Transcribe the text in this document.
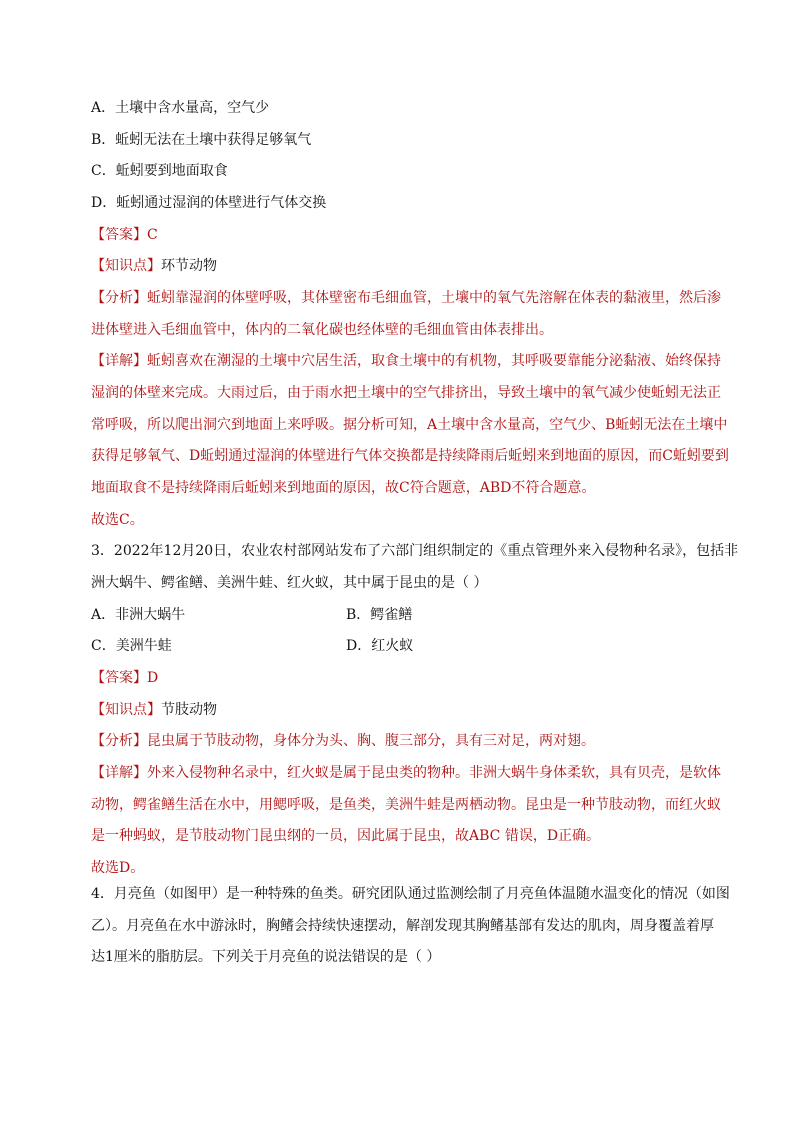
A．土壤中含水量高，空气少
B．蚯蚓无法在土壤中获得足够氧气
C．蚯蚓要到地面取食
D．蚯蚓通过湿润的体壁进行气体交换
【答案】C
【知识点】环节动物
【分析】蚯蚓靠湿润的体壁呼吸，其体壁密布毛细血管，土壤中的氧气先溶解在体表的黏液里，然后渗
进体壁进入毛细血管中，体内的二氧化碳也经体壁的毛细血管由体表排出。
【详解】蚯蚓喜欢在潮湿的土壤中穴居生活，取食土壤中的有机物，其呼吸要靠能分泌黏液、始终保持
湿润的体壁来完成。大雨过后，由于雨水把土壤中的空气排挤出，导致土壤中的氧气减少使蚯蚓无法正
常呼吸，所以爬出洞穴到地面上来呼吸。据分析可知，A土壤中含水量高，空气少、B蚯蚓无法在土壤中
获得足够氧气、D蚯蚓通过湿润的体壁进行气体交换都是持续降雨后蚯蚓来到地面的原因，而C蚯蚓要到
地面取食不是持续降雨后蚯蚓来到地面的原因，故C符合题意，ABD不符合题意。
故选C。
3．2022年12月20日，农业农村部网站发布了六部门组织制定的《重点管理外来入侵物种名录》，包括非
洲大蜗牛、鳄雀鳝、美洲牛蛙、红火蚁，其中属于昆虫的是（ ）
A．非洲大蜗牛	B．鳄雀鳝
C．美洲牛蛙	D．红火蚁
【答案】D
【知识点】节肢动物
【分析】昆虫属于节肢动物，身体分为头、胸、腹三部分，具有三对足，两对翅。
【详解】外来入侵物种名录中，红火蚁是属于昆虫类的物种。非洲大蜗牛身体柔软，具有贝壳，是软体
动物，鳄雀鳝生活在水中，用鳃呼吸，是鱼类，美洲牛蛙是两栖动物。昆虫是一种节肢动物，而红火蚁
是一种蚂蚁，是节肢动物门昆虫纲的一员，因此属于昆虫，故ABC 错误，D正确。
故选D。
4．月亮鱼（如图甲）是一种特殊的鱼类。研究团队通过监测绘制了月亮鱼体温随水温变化的情况（如图
乙）。月亮鱼在水中游泳时，胸鳍会持续快速摆动，解剖发现其胸鳍基部有发达的肌肉，周身覆盖着厚
达1厘米的脂肪层。下列关于月亮鱼的说法错误的是（ ）
